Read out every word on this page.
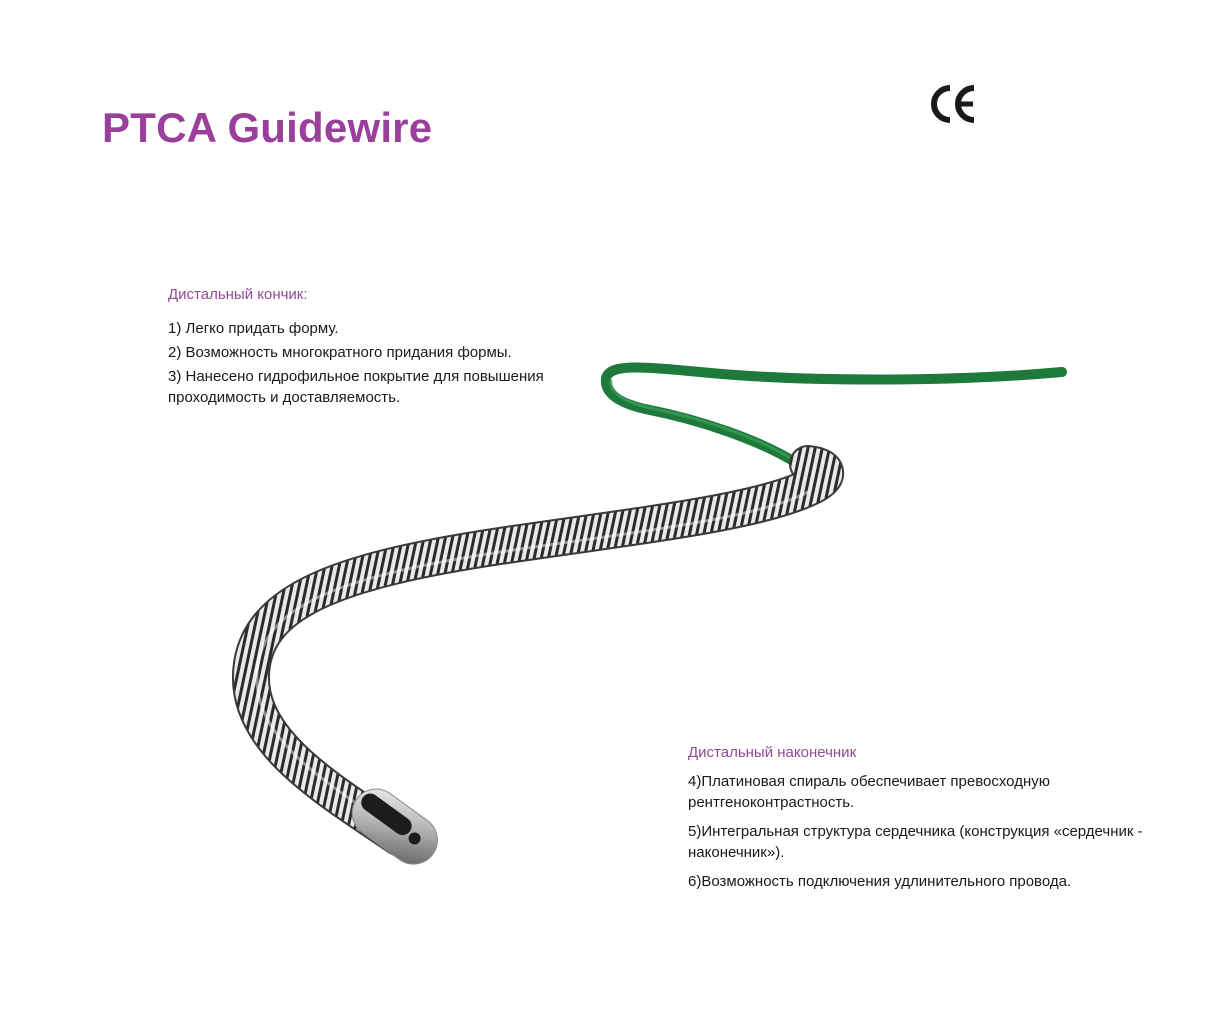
PTCA Guidewire
Дистальный кончик:

1) Легко придать форму.

2) Возможность многократного придания формы.

3) Нанесено гидрофильное покрытие для повышения проходимость и доставляемость.

Дистальный наконечник

4)Платиновая спираль обеспечивает превосходную рентгеноконтрастность.

5)Интегральная структура сердечника (конструкция «сердечник - наконечник»).

6)Возможность подключения удлинительного провода.
